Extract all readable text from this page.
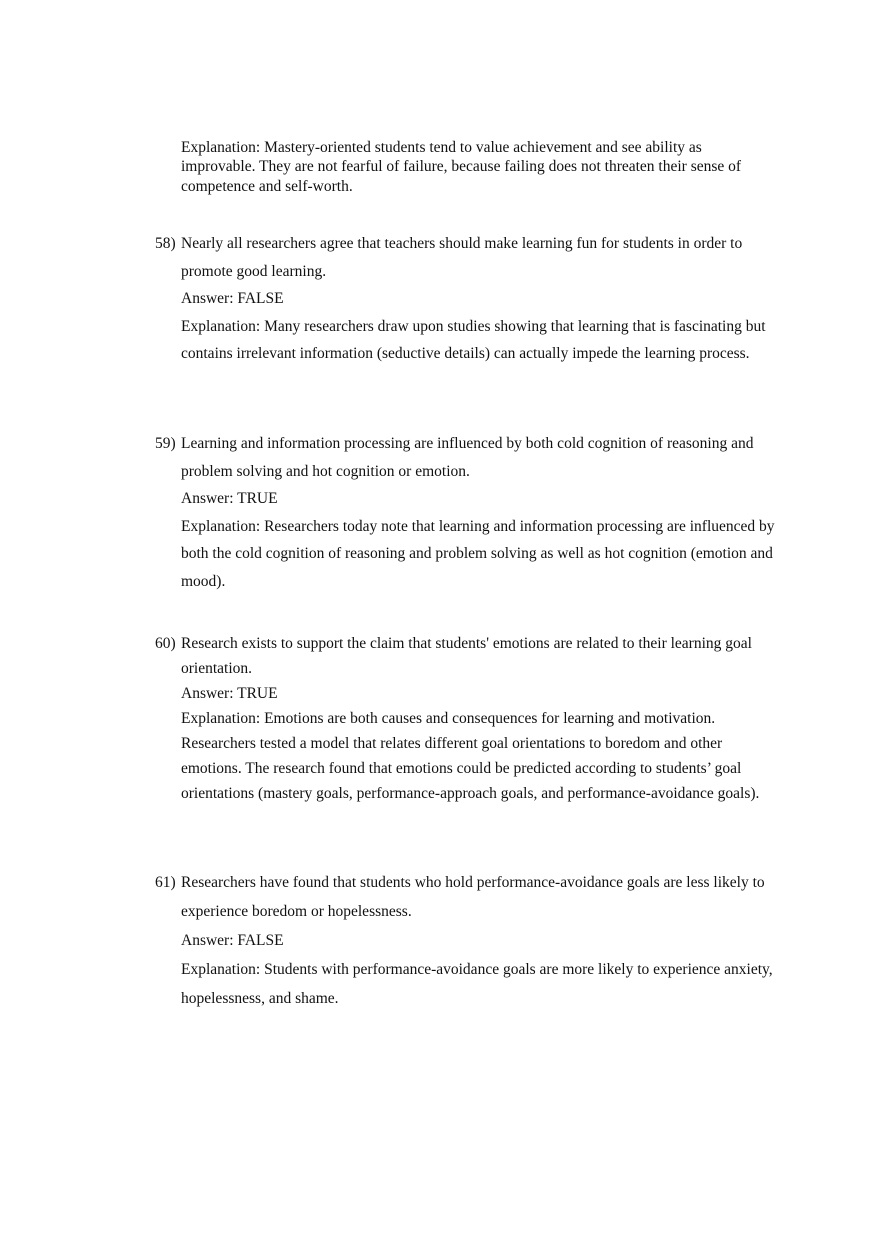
Explanation: Mastery-oriented students tend to value achievement and see ability as improvable. They are not fearful of failure, because failing does not threaten their sense of competence and self-worth.

58) Nearly all researchers agree that teachers should make learning fun for students in order to promote good learning.

Answer: FALSE

Explanation: Many researchers draw upon studies showing that learning that is fascinating but contains irrelevant information (seductive details) can actually impede the learning process.

59) Learning and information processing are influenced by both cold cognition of reasoning and problem solving and hot cognition or emotion.

Answer: TRUE

Explanation: Researchers today note that learning and information processing are influenced by both the cold cognition of reasoning and problem solving as well as hot cognition (emotion and mood).

60) Research exists to support the claim that students' emotions are related to their learning goal orientation.

Answer: TRUE

Explanation: Emotions are both causes and consequences for learning and motivation. Researchers tested a model that relates different goal orientations to boredom and other emotions. The research found that emotions could be predicted according to students’ goal orientations (mastery goals, performance-approach goals, and performance-avoidance goals).

61) Researchers have found that students who hold performance-avoidance goals are less likely to experience boredom or hopelessness.

Answer: FALSE

Explanation: Students with performance-avoidance goals are more likely to experience anxiety, hopelessness, and shame.
